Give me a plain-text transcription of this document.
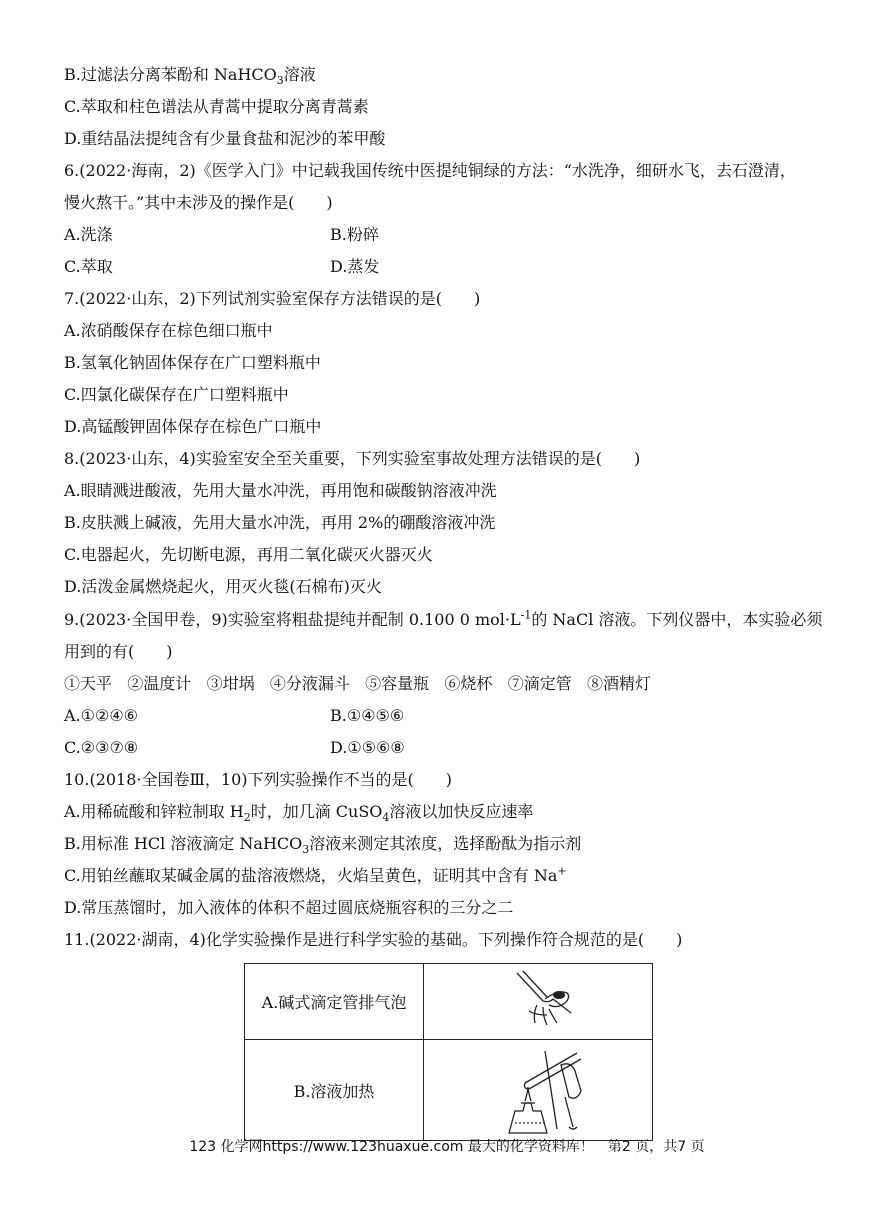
B.过滤法分离苯酚和 NaHCO$_3$溶液
C.萃取和柱色谱法从青蒿中提取分离青蒿素
D.重结晶法提纯含有少量食盐和泥沙的苯甲酸
6.(2022·海南，2)《医学入门》中记载我国传统中医提纯铜绿的方法：“水洗净，细研水飞，去石澄清，
慢火熬干。”其中未涉及的操作是(　　)
A.洗涤	B.粉碎
C.萃取	D.蒸发
7.(2022·山东，2)下列试剂实验室保存方法错误的是(　　)
A.浓硝酸保存在棕色细口瓶中
B.氢氧化钠固体保存在广口塑料瓶中
C.四氯化碳保存在广口塑料瓶中
D.高锰酸钾固体保存在棕色广口瓶中
8.(2023·山东，4)实验室安全至关重要，下列实验室事故处理方法错误的是(　　)
A.眼睛溅进酸液，先用大量水冲洗，再用饱和碳酸钠溶液冲洗
B.皮肤溅上碱液，先用大量水冲洗，再用 2%的硼酸溶液冲洗
C.电器起火，先切断电源，再用二氧化碳灭火器灭火
D.活泼金属燃烧起火，用灭火毯(石棉布)灭火
9.(2023·全国甲卷，9)实验室将粗盐提纯并配制 0.100 0 $mol\cdot L^{-1}$的 NaCl 溶液。下列仪器中，本实验必须
用到的有(　　)
①天平 ②温度计 ③坩埚 ④分液漏斗 ⑤容量瓶 ⑥烧杯 ⑦滴定管 ⑧酒精灯
A.①②④⑥	B.①④⑤⑥
C.②③⑦⑧	D.①⑤⑥⑧
10.(2018·全国卷Ⅲ，10)下列实验操作不当的是(　　)
A.用稀硫酸和锌粒制取 $H_2$时，加几滴 CuSO$_4$溶液以加快反应速率
B.用标准 HCl 溶液滴定 NaHCO$_3$溶液来测定其浓度，选择酚酞为指示剂
C.用铂丝蘸取某碱金属的盐溶液燃烧，火焰呈黄色，证明其中含有 Na+
D.常压蒸馏时，加入液体的体积不超过圆底烧瓶容积的三分之二
11.(2022·湖南，4)化学实验操作是进行科学实验的基础。下列操作符合规范的是(　　)
A.碱式滴定管排气泡	

B.溶液加热	
123 化学网https://www.123huaxue.com 最大的化学资料库！　第2 页，共7 页
